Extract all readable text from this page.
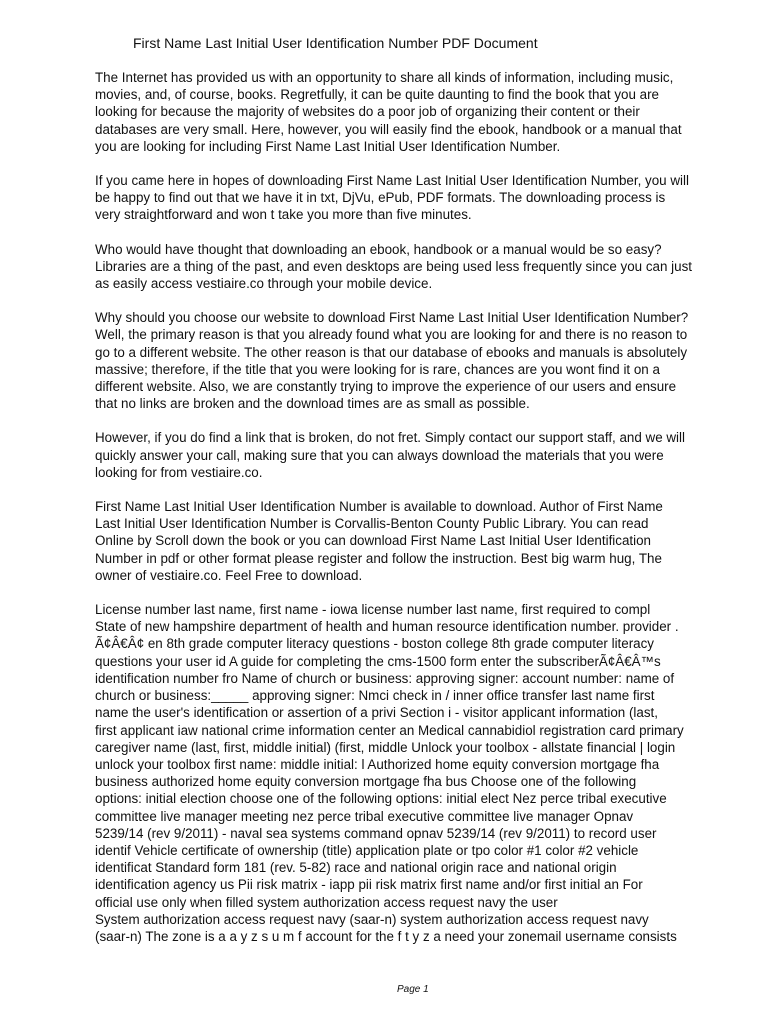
First Name Last Initial User Identification Number PDF Document
The Internet has provided us with an opportunity to share all kinds of information, including music,
movies, and, of course, books. Regretfully, it can be quite daunting to find the book that you are
looking for because the majority of websites do a poor job of organizing their content or their
databases are very small. Here, however, you will easily find the ebook, handbook or a manual that
you are looking for including First Name Last Initial User Identification Number.
If you came here in hopes of downloading First Name Last Initial User Identification Number, you will
be happy to find out that we have it in txt, DjVu, ePub, PDF formats. The downloading process is
very straightforward and won t take you more than five minutes.
Who would have thought that downloading an ebook, handbook or a manual would be so easy?
Libraries are a thing of the past, and even desktops are being used less frequently since you can just
as easily access vestiaire.co through your mobile device.
Why should you choose our website to download First Name Last Initial User Identification Number?
Well, the primary reason is that you already found what you are looking for and there is no reason to
go to a different website. The other reason is that our database of ebooks and manuals is absolutely
massive; therefore, if the title that you were looking for is rare, chances are you wont find it on a
different website. Also, we are constantly trying to improve the experience of our users and ensure
that no links are broken and the download times are as small as possible.
However, if you do find a link that is broken, do not fret. Simply contact our support staff, and we will
quickly answer your call, making sure that you can always download the materials that you were
looking for from vestiaire.co.
First Name Last Initial User Identification Number is available to download. Author of First Name
Last Initial User Identification Number is Corvallis-Benton County Public Library. You can read
Online by Scroll down the book or you can download First Name Last Initial User Identification
Number in pdf or other format please register and follow the instruction. Best big warm hug, The
owner of vestiaire.co. Feel Free to download.
License number last name, first name - iowa license number last name, first required to compl
State of new hampshire department of health and human resource identification number. provider .
Ã¢Â€Â¢ en 8th grade computer literacy questions - boston college 8th grade computer literacy
questions your user id A guide for completing the cms-1500 form enter the subscriberÃ¢Â€Â™s
identification number fro Name of church or business: approving signer: account number: name of
church or business:_____ approving signer: Nmci check in / inner office transfer last name first
name the user's identification or assertion of a privi Section i - visitor applicant information (last,
first applicant iaw national crime information center an Medical cannabidiol registration card primary
caregiver name (last, first, middle initial) (first, middle Unlock your toolbox - allstate financial | login
unlock your toolbox first name: middle initial: l Authorized home equity conversion mortgage fha
business authorized home equity conversion mortgage fha bus Choose one of the following
options: initial election choose one of the following options: initial elect Nez perce tribal executive
committee live manager meeting nez perce tribal executive committee live manager Opnav
5239/14 (rev 9/2011) - naval sea systems command opnav 5239/14 (rev 9/2011) to record user
identif Vehicle certificate of ownership (title) application plate or tpo color #1 color #2 vehicle
identificat Standard form 181 (rev. 5-82) race and national origin race and national origin
identification agency us Pii risk matrix - iapp pii risk matrix first name and/or first initial an For
official use only when filled system authorization access request navy the user
System authorization access request navy (saar-n) system authorization access request navy
(saar-n) The zone is a a y z s u m f account for the f t y z a need your zonemail username consists
Page 1
